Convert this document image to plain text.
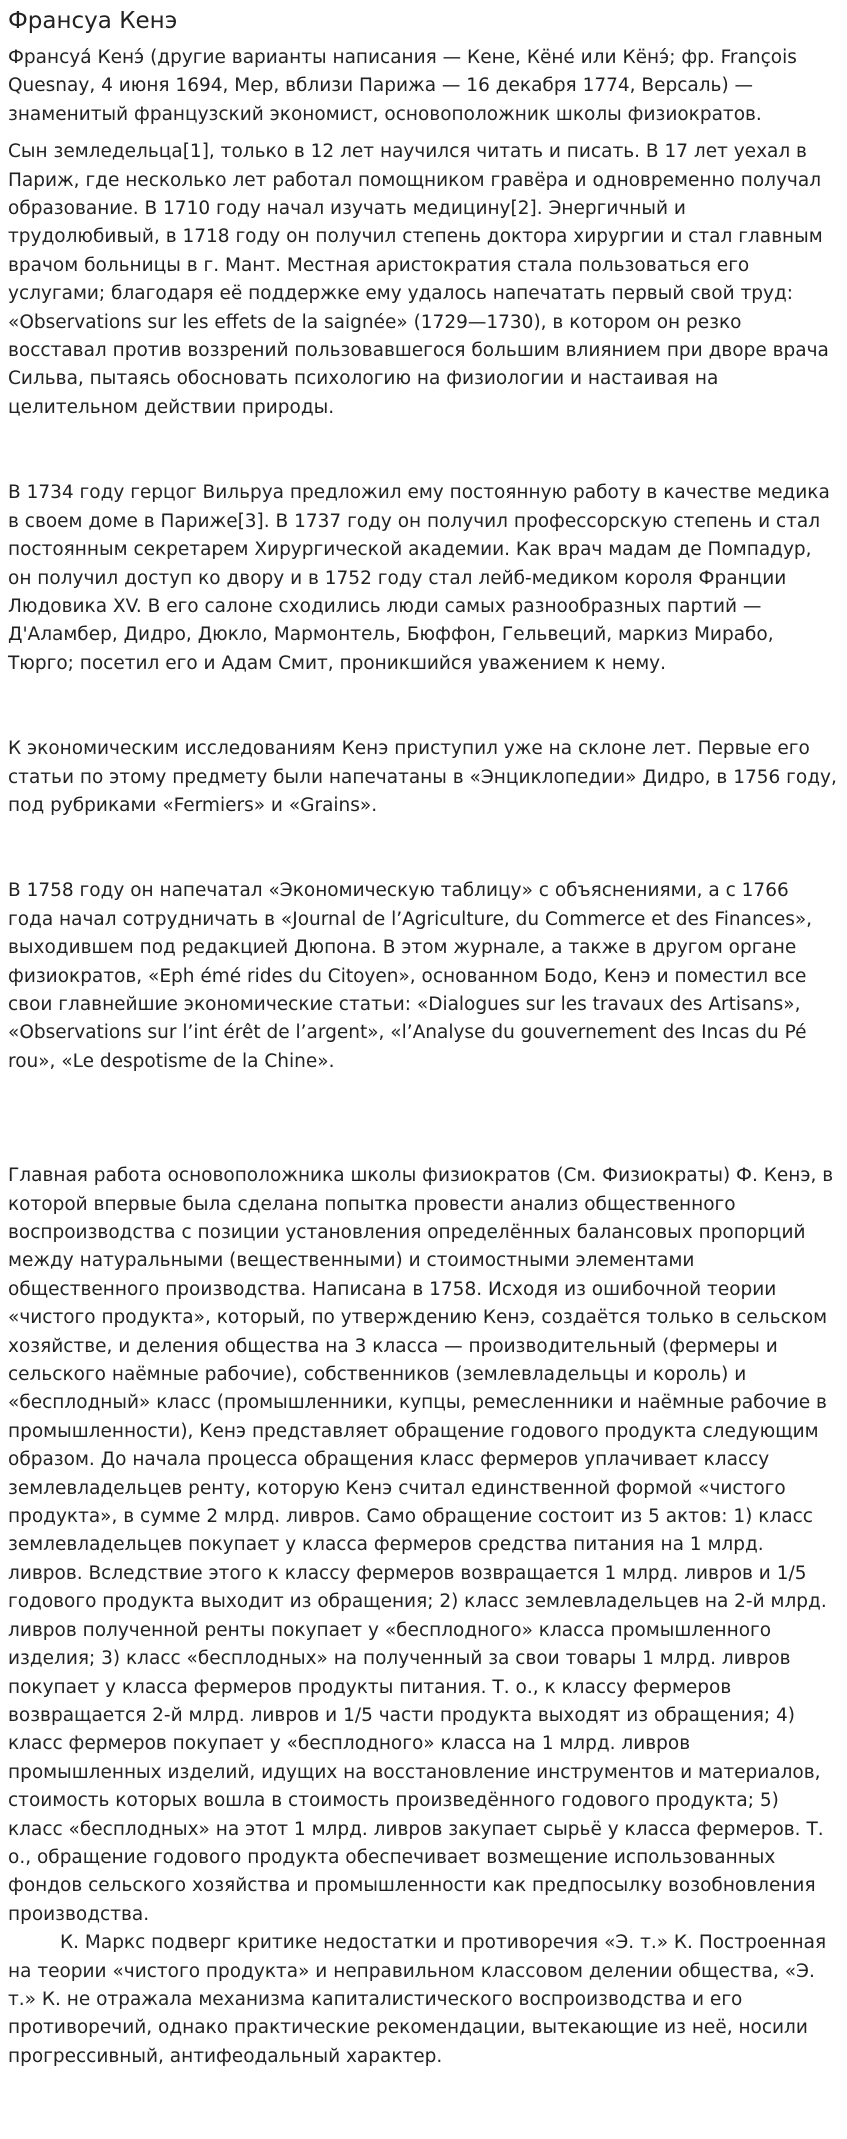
Франсуа Кенэ

Франсуа́ Кенэ́ (другие варианты написания — Кене, Кёне́ или Кёнэ́; фр. François Quesnay, 4 июня 1694, Мер, вблизи Парижа — 16 декабря 1774, Версаль) — знаменитый французский экономист, основоположник школы физиократов.

Сын земледельца[1], только в 12 лет научился читать и писать. В 17 лет уехал в Париж, где несколько лет работал помощником гравёра и одновременно получал образование. В 1710 году начал изучать медицину[2]. Энергичный и трудолюбивый, в 1718 году он получил степень доктора хирургии и стал главным врачом больницы в г. Мант. Местная аристократия стала пользоваться его услугами; благодаря её поддержке ему удалось напечатать первый свой труд: «Observations sur les effets de la saignée» (1729—1730), в котором он резко восставал против воззрений пользовавшегося большим влиянием при дворе врача Сильва, пытаясь обосновать психологию на физиологии и настаивая на целительном действии природы.

В 1734 году герцог Вильруа предложил ему постоянную работу в качестве медика в своем доме в Париже[3]. В 1737 году он получил профессорскую степень и стал постоянным секретарем Хирургической академии. Как врач мадам де Помпадур, он получил доступ ко двору и в 1752 году стал лейб-медиком короля Франции Людовика XV. В его салоне сходились люди самых разнообразных партий — Д'Аламбер, Дидро, Дюкло, Мармонтель, Бюффон, Гельвеций, маркиз Мирабо, Тюрго; посетил его и Адам Смит, проникшийся уважением к нему.

К экономическим исследованиям Кенэ приступил уже на склоне лет. Первые его статьи по этому предмету были напечатаны в «Энциклопедии» Дидро, в 1756 году, под рубриками «Fermiers» и «Grains».

В 1758 году он напечатал «Экономическую таблицу» с объяснениями, а с 1766 года начал сотрудничать в «Journal de l’Agriculture, du Commerce et des Finances», выходившем под редакцией Дюпона. В этом журнале, а также в другом органе физиократов, «Eph émé rides du Citoyen», основанном Бодо, Кенэ и поместил все свои главнейшие экономические статьи: «Dialogues sur les travaux des Artisans», «Observations sur l’int érêt de l’argent», «l’Analyse du gouvernement des Incas du Pé rou», «Le despotisme de la Chine».

Главная работа основоположника школы физиократов (См. Физиократы) Ф. Кенэ, в которой впервые была сделана попытка провести анализ общественного воспроизводства с позиции установления определённых балансовых пропорций между натуральными (вещественными) и стоимостными элементами общественного производства. Написана в 1758. Исходя из ошибочной теории «чистого продукта», который, по утверждению Кенэ, создаётся только в сельском хозяйстве, и деления общества на 3 класса — производительный (фермеры и сельского наёмные рабочие), собственников (землевладельцы и король) и «бесплодный» класс (промышленники, купцы, ремесленники и наёмные рабочие в промышленности), Кенэ представляет обращение годового продукта следующим образом. До начала процесса обращения класс фермеров уплачивает классу землевладельцев ренту, которую Кенэ считал единственной формой «чистого продукта», в сумме 2 млрд. ливров. Само обращение состоит из 5 актов: 1) класс землевладельцев покупает у класса фермеров средства питания на 1 млрд. ливров. Вследствие этого к классу фермеров возвращается 1 млрд. ливров и 1/5 годового продукта выходит из обращения; 2) класс землевладельцев на 2-й млрд. ливров полученной ренты покупает у «бесплодного» класса промышленного изделия; 3) класс «бесплодных» на полученный за свои товары 1 млрд. ливров покупает у класса фермеров продукты питания. Т. о., к классу фермеров возвращается 2-й млрд. ливров и 1/5 части продукта выходят из обращения; 4) класс фермеров покупает у «бесплодного» класса на 1 млрд. ливров промышленных изделий, идущих на восстановление инструментов и материалов, стоимость которых вошла в стоимость произведённого годового продукта; 5) класс «бесплодных» на этот 1 млрд. ливров закупает сырьё у класса фермеров. Т. о., обращение годового продукта обеспечивает возмещение использованных фондов сельского хозяйства и промышленности как предпосылку возобновления производства.

К. Маркс подверг критике недостатки и противоречия «Э. т.» К. Построенная на теории «чистого продукта» и неправильном классовом делении общества, «Э. т.» К. не отражала механизма капиталистического воспроизводства и его противоречий, однако практические рекомендации, вытекающие из неё, носили прогрессивный, антифеодальный характер.
